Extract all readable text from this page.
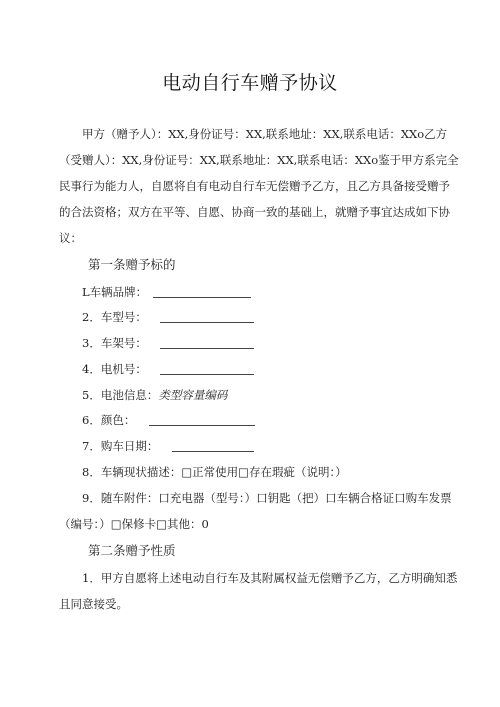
电动自行车赠予协议
甲方（赠予人）：XX,身份证号：XX,联系地址：XX,联系电话：XXo乙方
（受赠人）：XX,身份证号：XX,联系地址：XX,联系电话：XXo鉴于甲方系完全
民事行为能力人，自愿将自有电动自行车无偿赠予乙方，且乙方具备接受赠予
的合法资格；双方在平等、自愿、协商一致的基础上，就赠予事宜达成如下协
议：
第一条赠予标的
L车辆品牌：
2．车型号：
3．车架号：
4．电机号：
5．电池信息：类型容量编码
6．颜色：
7．购车日期：
8．车辆现状描述：□正常使用□存在瑕疵（说明：）
9．随车附件：口充电器（型号：）口钥匙（把）口车辆合格证口购车发票
（编号：）□保修卡□其他：0
第二条赠予性质
1．甲方自愿将上述电动自行车及其附属权益无偿赠予乙方，乙方明确知悉
且同意接受。
